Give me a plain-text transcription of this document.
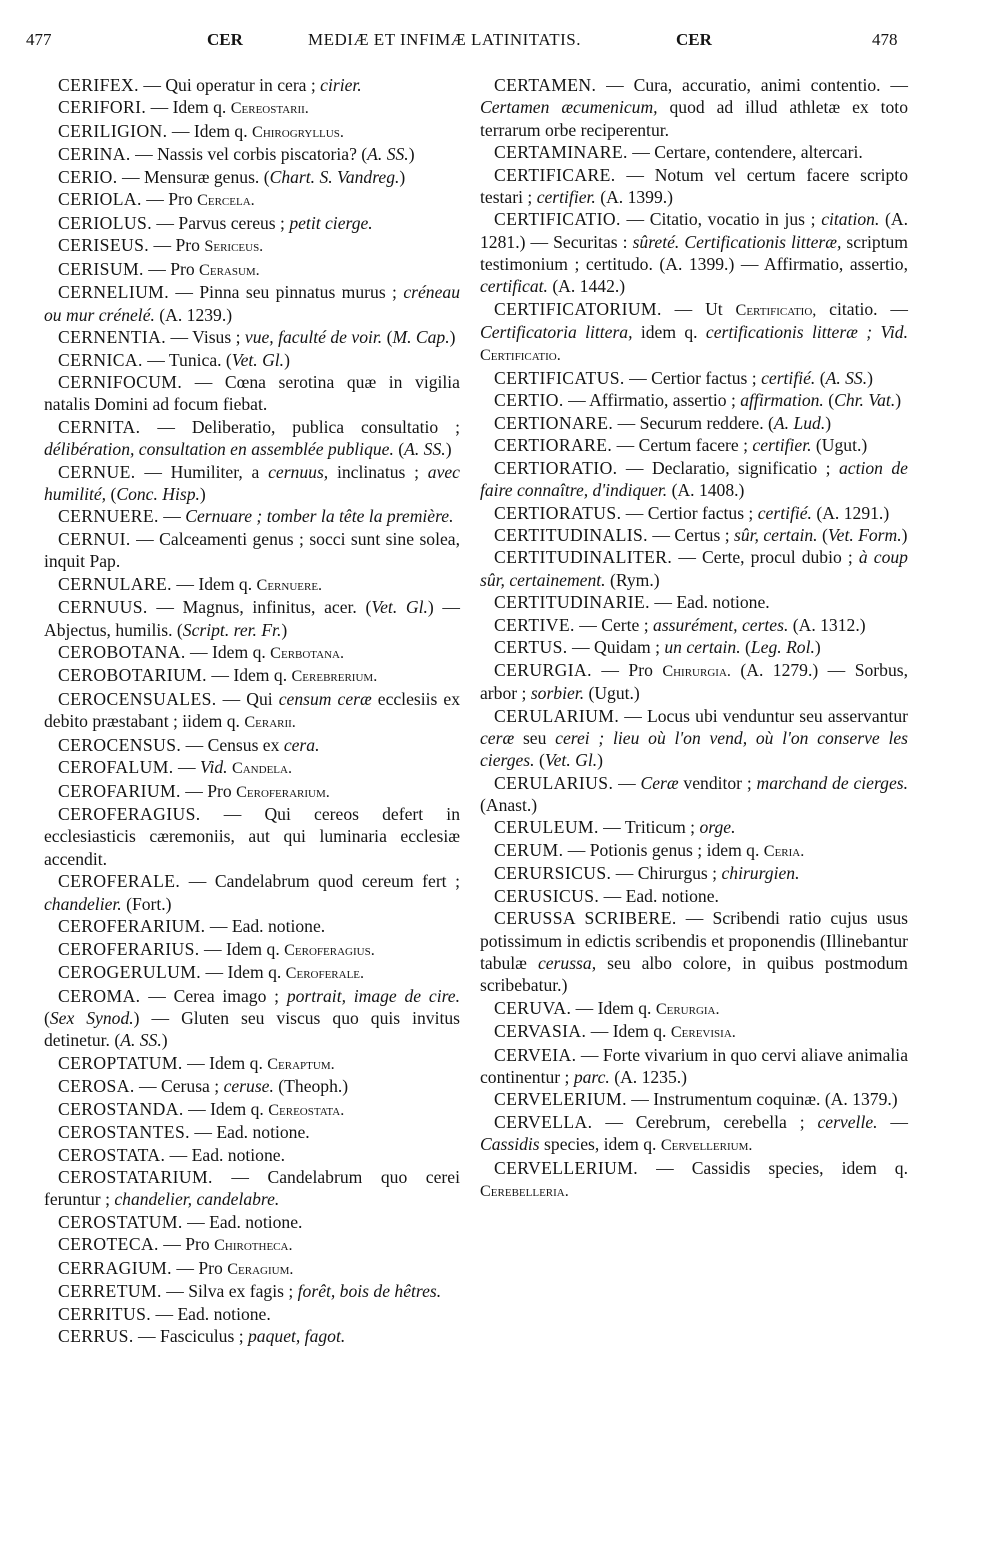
477	CER	MEDIÆ ET INFIMÆ LATINITATIS.	CER	478

CERIFEX. — Qui operatur in cera ; cirier.

CERIFORI. — Idem q. Cereostarii.

CERILIGION. — Idem q. Chirogryllus.

CERINA. — Nassis vel corbis piscatoria? (A. SS.)

CERIO. — Mensuræ genus. (Chart. S. Vandreg.)

CERIOLA. — Pro Cercela.

CERIOLUS. — Parvus cereus ; petit cierge.

CERISEUS. — Pro Sericeus.

CERISUM. — Pro Cerasum.

CERNELIUM. — Pinna seu pinnatus murus ; créneau ou mur crénelé. (A. 1239.)

CERNENTIA. — Visus ; vue, faculté de voir. (M. Cap.)

CERNICA. — Tunica. (Vet. Gl.)

CERNIFOCUM. — Cœna serotina quæ in vigilia natalis Domini ad focum fiebat.

CERNITA. — Deliberatio, publica consultatio ; délibération, consultation en assemblée publique. (A. SS.)

CERNUE. — Humiliter, a cernuus, inclinatus ; avec humilité, (Conc. Hisp.)

CERNUERE. — Cernuare ; tomber la tête la première.

CERNUI. — Calceamenti genus ; socci sunt sine solea, inquit Pap.

CERNULARE. — Idem q. Cernuere.

CERNUUS. — Magnus, infinitus, acer. (Vet. Gl.) — Abjectus, humilis. (Script. rer. Fr.)

CEROBOTANA. — Idem q. Cerbotana.

CEROBOTARIUM. — Idem q. Cerebrerium.

CEROCENSUALES. — Qui censum ceræ ecclesiis ex debito præstabant ; iidem q. Cerarii.

CEROCENSUS. — Census ex cera.

CEROFALUM. — Vid. Candela.

CEROFARIUM. — Pro Ceroferarium.

CEROFERAGIUS. — Qui cereos defert in ecclesiasticis cæremoniis, aut qui luminaria ecclesiæ accendit.

CEROFERALE. — Candelabrum quod cereum fert ; chandelier. (Fort.)

CEROFERARIUM. — Ead. notione.

CEROFERARIUS. — Idem q. Ceroferagius.

CEROGERULUM. — Idem q. Ceroferale.

CEROMA. — Cerea imago ; portrait, image de cire. (Sex Synod.) — Gluten seu viscus quo quis invitus detinetur. (A. SS.)

CEROPTATUM. — Idem q. Ceraptum.

CEROSA. — Cerusa ; ceruse. (Theoph.)

CEROSTANDA. — Idem q. Cereostata.

CEROSTANTES. — Ead. notione.

CEROSTATA. — Ead. notione.

CEROSTATARIUM. — Candelabrum quo cerei feruntur ; chandelier, candelabre.

CEROSTATUM. — Ead. notione.

CEROTECA. — Pro Chirotheca.

CERRAGIUM. — Pro Ceragium.

CERRETUM. — Silva ex fagis ; forêt, bois de hêtres.

CERRITUS. — Ead. notione.

CERRUS. — Fasciculus ; paquet, fagot.

CERTAMEN. — Cura, accuratio, animi contentio. — Certamen æcumenicum, quod ad illud athletæ ex toto terrarum orbe reciperentur.

CERTAMINARE. — Certare, contendere, altercari.

CERTIFICARE. — Notum vel certum facere scripto testari ; certifier. (A. 1399.)

CERTIFICATIO. — Citatio, vocatio in jus ; citation. (A. 1281.) — Securitas : sûreté. Certificationis litteræ, scriptum testimonium ; certitudo. (A. 1399.) — Affirmatio, assertio, certificat. (A. 1442.)

CERTIFICATORIUM. — Ut Certificatio, citatio. — Certificatoria littera, idem q. certificationis litteræ ; Vid. Certificatio.

CERTIFICATUS. — Certior factus ; certifié. (A. SS.)

CERTIO. — Affirmatio, assertio ; affirmation. (Chr. Vat.)

CERTIONARE. — Securum reddere. (A. Lud.)

CERTIORARE. — Certum facere ; certifier. (Ugut.)

CERTIORATIO. — Declaratio, significatio ; action de faire connaître, d'indiquer. (A. 1408.)

CERTIORATUS. — Certior factus ; certifié. (A. 1291.)

CERTITUDINALIS. — Certus ; sûr, certain. (Vet. Form.)

CERTITUDINALITER. — Certe, procul dubio ; à coup sûr, certainement. (Rym.)

CERTITUDINARIE. — Ead. notione.

CERTIVE. — Certe ; assurément, certes. (A. 1312.)

CERTUS. — Quidam ; un certain. (Leg. Rol.)

CERURGIA. — Pro Chirurgia. (A. 1279.) — Sorbus, arbor ; sorbier. (Ugut.)

CERULARIUM. — Locus ubi venduntur seu asservantur ceræ seu cerei ; lieu où l'on vend, où l'on conserve les cierges. (Vet. Gl.)

CERULARIUS. — Ceræ venditor ; marchand de cierges. (Anast.)

CERULEUM. — Triticum ; orge.

CERUM. — Potionis genus ; idem q. Ceria.

CERURSICUS. — Chirurgus ; chirurgien.

CERUSICUS. — Ead. notione.

CERUSSA SCRIBERE. — Scribendi ratio cujus usus potissimum in edictis scribendis et proponendis (Illinebantur tabulæ cerussa, seu albo colore, in quibus postmodum scribebatur.)

CERUVA. — Idem q. Cerurgia.

CERVASIA. — Idem q. Cerevisia.

CERVEIA. — Forte vivarium in quo cervi aliave animalia continentur ; parc. (A. 1235.)

CERVELERIUM. — Instrumentum coquinæ. (A. 1379.)

CERVELLA. — Cerebrum, cerebella ; cervelle. — Cassidis species, idem q. Cervellerium.

CERVELLERIUM. — Cassidis species, idem q. Cerebelleria.
